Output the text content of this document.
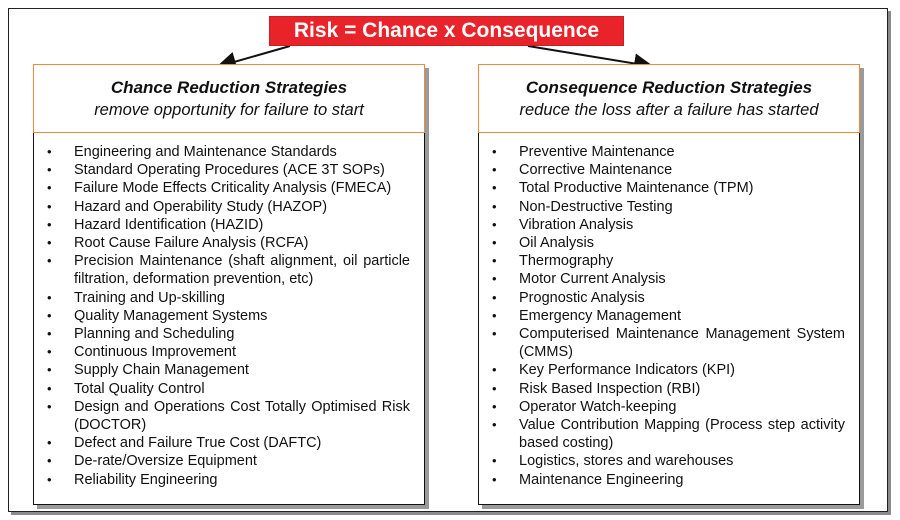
Risk = Chance x Consequence
Chance Reduction Strategies
remove opportunity for failure to start
• Engineering and Maintenance Standards
• Standard Operating Procedures (ACE 3T SOPs)
• Failure Mode Effects Criticality Analysis (FMECA)
• Hazard and Operability Study (HAZOP)
• Hazard Identification (HAZID)
• Root Cause Failure Analysis (RCFA)
• Precision Maintenance (shaft alignment, oil particle filtration, deformation prevention, etc)
• Training and Up-skilling
• Quality Management Systems
• Planning and Scheduling
• Continuous Improvement
• Supply Chain Management
• Total Quality Control
• Design and Operations Cost Totally Optimised Risk (DOCTOR)
• Defect and Failure True Cost (DAFTC)
• De-rate/Oversize Equipment
• Reliability Engineering
Consequence Reduction Strategies
reduce the loss after a failure has started
• Preventive Maintenance
• Corrective Maintenance
• Total Productive Maintenance (TPM)
• Non-Destructive Testing
• Vibration Analysis
• Oil Analysis
• Thermography
• Motor Current Analysis
• Prognostic Analysis
• Emergency Management
• Computerised Maintenance Management System (CMMS)
• Key Performance Indicators (KPI)
• Risk Based Inspection (RBI)
• Operator Watch-keeping
• Value Contribution Mapping (Process step activity based costing)
• Logistics, stores and warehouses
• Maintenance Engineering
